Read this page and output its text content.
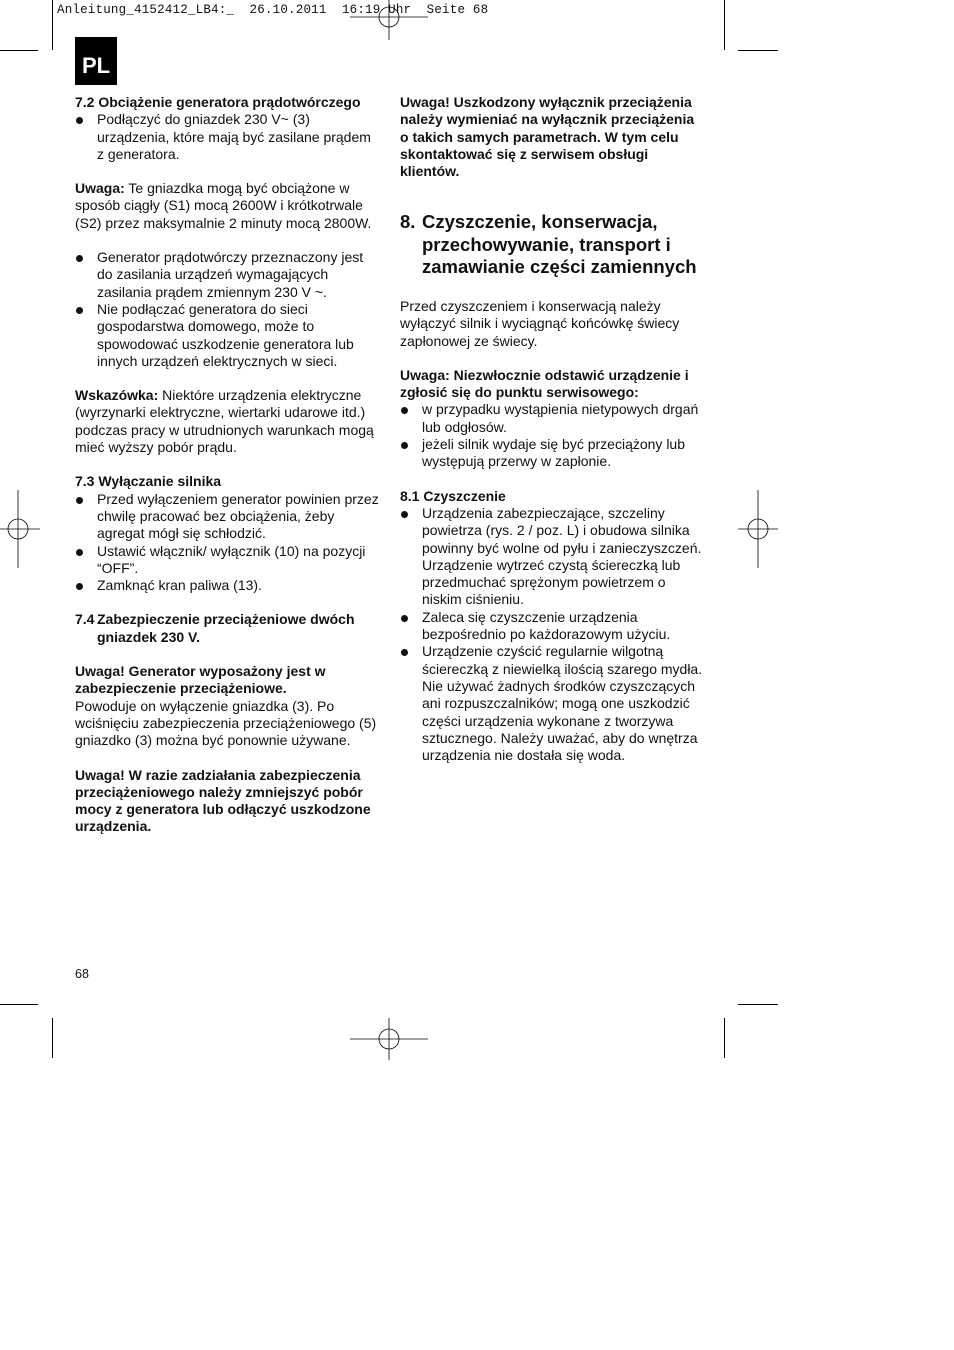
Anleitung_4152412_LB4:_  26.10.2011  16:19 Uhr  Seite 68
PL

7.2 Obciążenie generatora prądotwórczego

Podłączyć do gniazdek 230 V~ (3) urządzenia, które mają być zasilane prądem z generatora.

Uwaga: Te gniazdka mogą być obciążone w sposób ciągły (S1) mocą 2600W i krótkotrwale (S2) przez maksymalnie 2 minuty mocą 2800W.

Generator prądotwórczy przeznaczony jest do zasilania urządzeń wymagających zasilania prądem zmiennym 230 V ~.
Nie podłączać generatora do sieci gospodarstwa domowego, może to spowodować uszkodzenie generatora lub innych urządzeń elektrycznych w sieci.

Wskazówka: Niektóre urządzenia elektryczne (wyrzynarki elektryczne, wiertarki udarowe itd.) podczas pracy w utrudnionych warunkach mogą mieć wyższy pobór prądu.

7.3 Wyłączanie silnika

Przed wyłączeniem generator powinien przez chwilę pracować bez obciążenia, żeby agregat mógł się schłodzić.
Ustawić włącznik/ wyłącznik (10) na pozycji “OFF”.
Zamknąć kran paliwa (13).

7.4 Zabezpieczenie przeciążeniowe dwóch gniazdek 230 V.

Uwaga! Generator wyposażony jest w zabezpieczenie przeciążeniowe.

Powoduje on wyłączenie gniazdka (3). Po wciśnięciu zabezpieczenia przeciążeniowego (5) gniazdko (3) można być ponownie używane.

Uwaga! W razie zadziałania zabezpieczenia przeciążeniowego należy zmniejszyć pobór mocy z generatora lub odłączyć uszkodzone urządzenia.

Uwaga! Uszkodzony wyłącznik przeciążenia należy wymieniać na wyłącznik przeciążenia o takich samych parametrach. W tym celu skontaktować się z serwisem obsługi klientów.

8. Czyszczenie, konserwacja, przechowywanie, transport i zamawianie części zamiennych

Przed czyszczeniem i konserwacją należy wyłączyć silnik i wyciągnąć końcówkę świecy zapłonowej ze świecy.

Uwaga: Niezwłocznie odstawić urządzenie i zgłosić się do punktu serwisowego:

w przypadku wystąpienia nietypowych drgań lub odgłosów.
jeżeli silnik wydaje się być przeciążony lub występują przerwy w zapłonie.

8.1 Czyszczenie

Urządzenia zabezpieczające, szczeliny powietrza (rys. 2 / poz. L) i obudowa silnika powinny być wolne od pyłu i zanieczyszczeń. Urządzenie wytrzeć czystą ściereczką lub przedmuchać sprężonym powietrzem o niskim ciśnieniu.
Zaleca się czyszczenie urządzenia bezpośrednio po każdorazowym użyciu.
Urządzenie czyścić regularnie wilgotną ściereczką z niewielką ilością szarego mydła. Nie używać żadnych środków czyszczących ani rozpuszczalników; mogą one uszkodzić części urządzenia wykonane z tworzywa sztucznego. Należy uważać, aby do wnętrza urządzenia nie dostała się woda.
68
